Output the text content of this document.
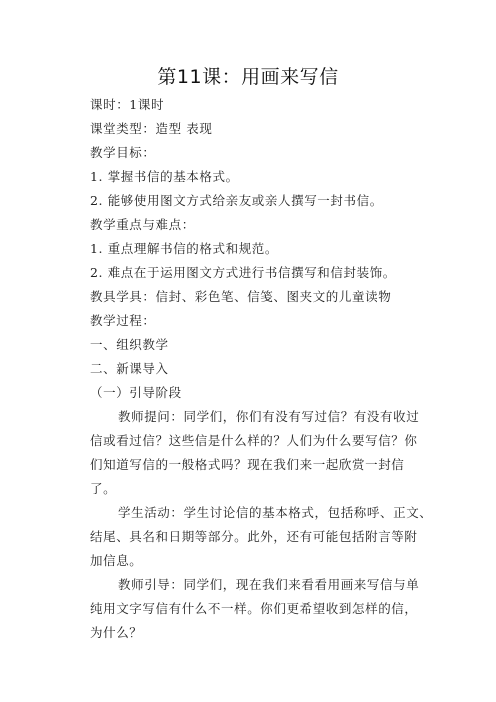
第11课：用画来写信
课时：1课时
课堂类型：造型 表现
教学目标：
1. 掌握书信的基本格式。
2. 能够使用图文方式给亲友或亲人撰写一封书信。
教学重点与难点：
1. 重点理解书信的格式和规范。
2. 难点在于运用图文方式进行书信撰写和信封装饰。
教具学具：信封、彩色笔、信笺、图夹文的儿童读物
教学过程：
一、组织教学
二、新课导入
（一）引导阶段
教师提问：同学们，你们有没有写过信？有没有收过
信或看过信？这些信是什么样的？人们为什么要写信？你
们知道写信的一般格式吗？现在我们来一起欣赏一封信
了。
学生活动：学生讨论信的基本格式，包括称呼、正文、
结尾、具名和日期等部分。此外，还有可能包括附言等附
加信息。
教师引导：同学们，现在我们来看看用画来写信与单
纯用文字写信有什么不一样。你们更希望收到怎样的信，
为什么？
